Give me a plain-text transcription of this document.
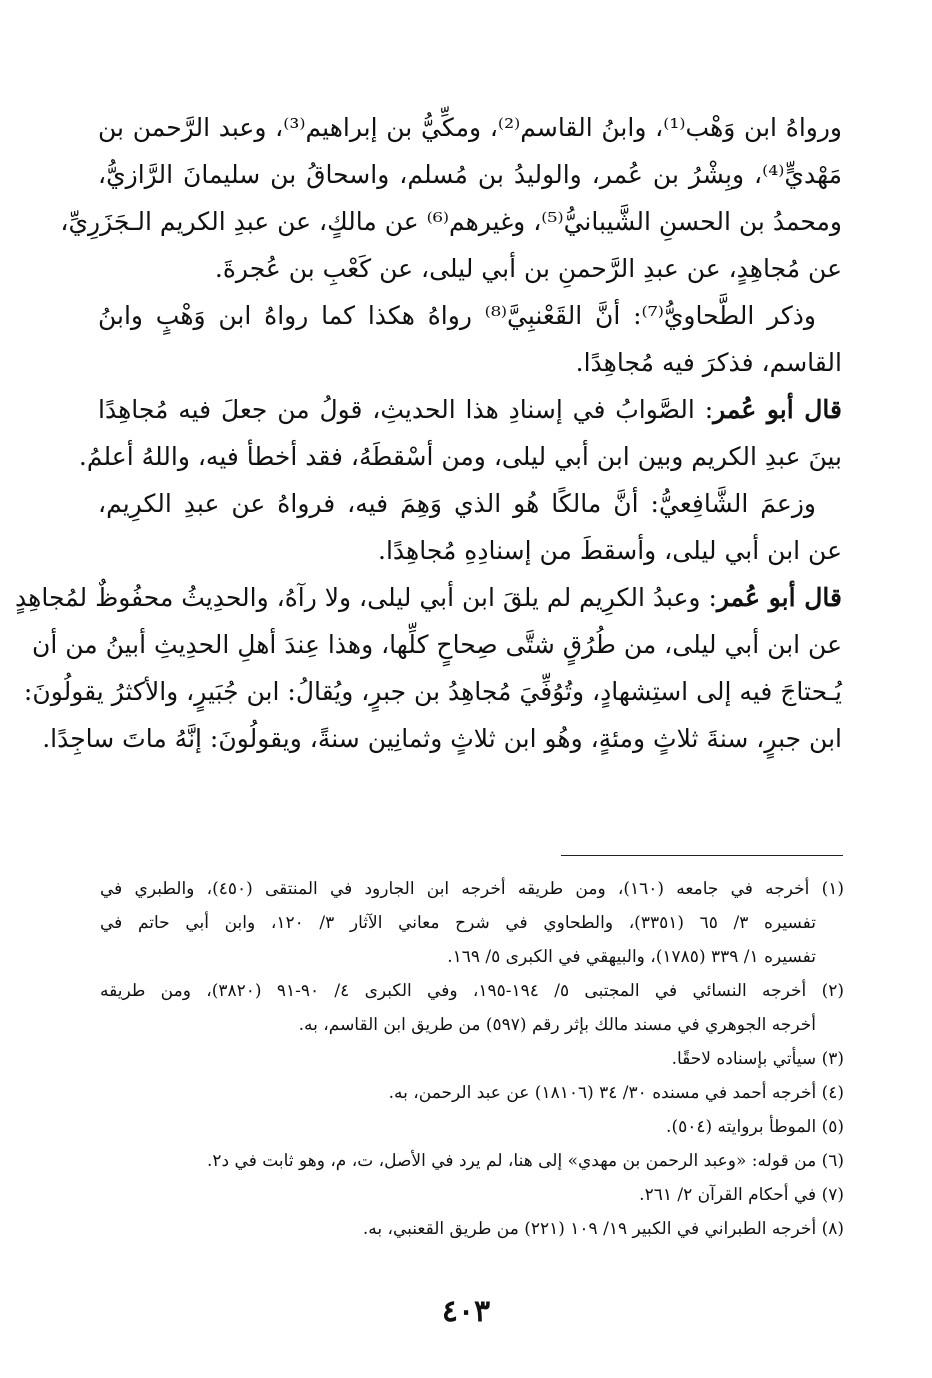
ورواهُ ابن وَهْب⁽¹⁾، وابنُ القاسم⁽²⁾، ومكِّيُّ بن إبراهيم⁽³⁾، وعبد الرَّحمن بن
مَهْديٍّ⁽⁴⁾، وبِشْرُ بن عُمر، والوليدُ بن مُسلم، واسحاقُ بن سليمانَ الرَّازيُّ،
ومحمدُ بن الحسنِ الشَّيبانيُّ⁽⁵⁾، وغيرهم⁽⁶⁾ عن مالكٍ، عن عبدِ الكريم الـجَزَرِيِّ،
عن مُجاهِدٍ، عن عبدِ الرَّحمنِ بن أبي ليلى، عن كَعْبِ بن عُجرةَ.
وذكر الطَّحاويُّ⁽⁷⁾: أنَّ القَعْنبِيَّ⁽⁸⁾ رواهُ هكذا كما رواهُ ابن وَهْبٍ وابنُ
القاسم، فذكرَ فيه مُجاهِدًا.
قال أبو عُمر: الصَّوابُ في إسنادِ هذا الحديثِ، قولُ من جعلَ فيه مُجاهِدًا
بينَ عبدِ الكريم وبين ابن أبي ليلى، ومن أسْقطَهُ، فقد أخطأ فيه، واللهُ أعلمُ.
وزعمَ الشَّافِعيُّ: أنَّ مالكًا هُو الذي وَهِمَ فيه، فرواهُ عن عبدِ الكرِيم،
عن ابن أبي ليلى، وأسقطَ من إسنادِهِ مُجاهِدًا.
قال أبو عُمر: وعبدُ الكرِيم لم يلقَ ابن أبي ليلى، ولا رآهُ، والحدِيثُ محفُوظٌ لمُجاهِدٍ
عن ابن أبي ليلى، من طُرُقٍ شتَّى صِحاحٍ كلِّها، وهذا عِندَ أهلِ الحدِيثِ أبينُ من أن
يُـحتاجَ فيه إلى استِشهادٍ، وتُوُفِّيَ مُجاهِدُ بن جبرٍ، ويُقالُ: ابن جُبَيرٍ، والأكثرُ يقولُونَ:
ابن جبرٍ، سنةَ ثلاثٍ ومئةٍ، وهُو ابن ثلاثٍ وثمانِين سنةً، ويقولُونَ: إنَّهُ ماتَ ساجِدًا.
(١) أخرجه في جامعه (١٦٠)، ومن طريقه أخرجه ابن الجارود في المنتقى (٤٥٠)، والطبري في
تفسيره ٣/ ٦٥ (٣٣٥١)، والطحاوي في شرح معاني الآثار ٣/ ١٢٠، وابن أبي حاتم في
تفسيره ١/ ٣٣٩ (١٧٨٥)، والبيهقي في الكبرى ٥/ ١٦٩.
(٢) أخرجه النسائي في المجتبى ٥/ ١٩٤-١٩٥، وفي الكبرى ٤/ ٩٠-٩١ (٣٨٢٠)، ومن طريقه
أخرجه الجوهري في مسند مالك بإثر رقم (٥٩٧) من طريق ابن القاسم، به.
(٣) سيأتي بإسناده لاحقًا.
(٤) أخرجه أحمد في مسنده ٣٠/ ٣٤ (١٨١٠٦) عن عبد الرحمن، به.
(٥) الموطأ بروايته (٥٠٤).
(٦) من قوله: «وعبد الرحمن بن مهدي» إلى هنا، لم يرد في الأصل، ت، م، وهو ثابت في د٢.
(٧) في أحكام القرآن ٢/ ٢٦١.
(٨) أخرجه الطبراني في الكبير ١٩/ ١٠٩ (٢٢١) من طريق القعنبي، به.
٤٠٣
